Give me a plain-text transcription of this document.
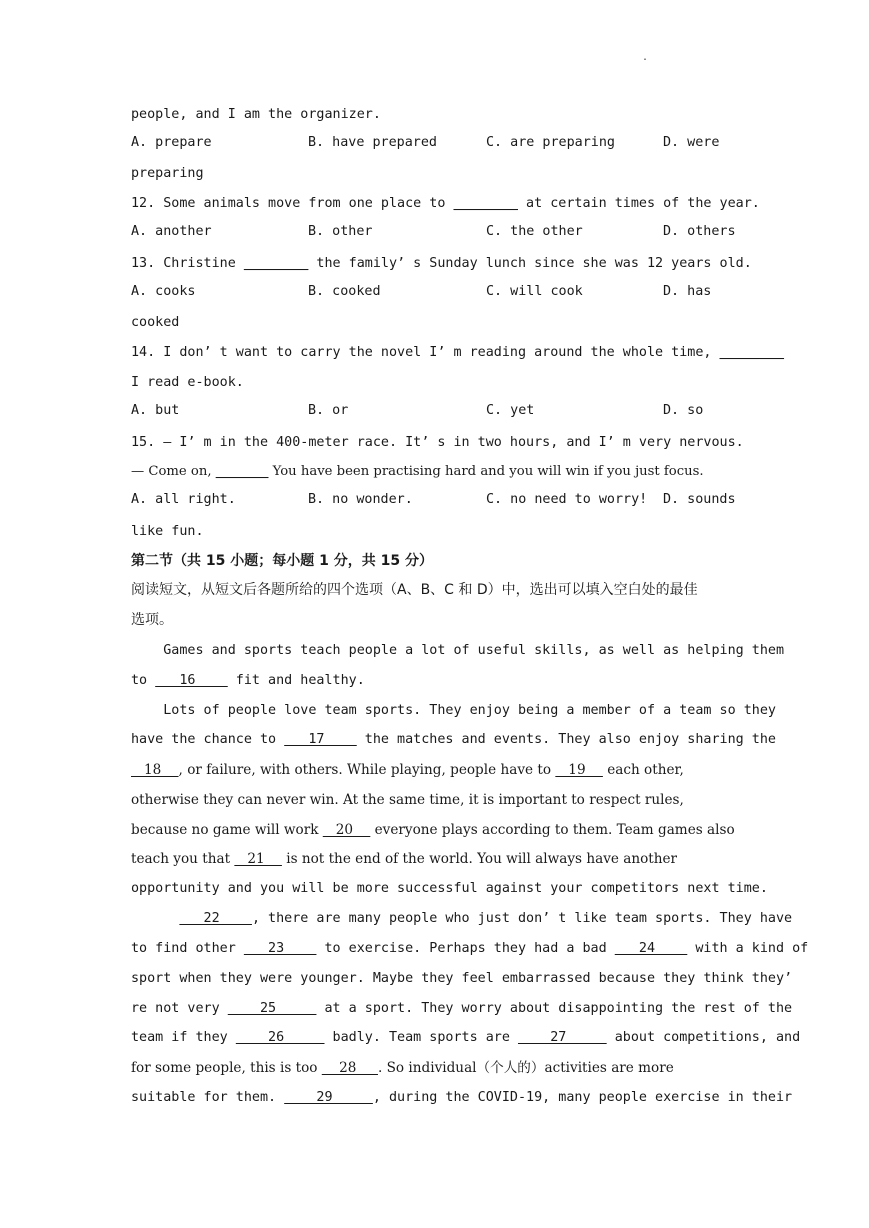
.
people, and I am the organizer.
A. prepare	B. have prepared	C. are preparing	D. were
preparing
12. Some animals move from one place to ________ at certain times of the year.
A. another	B. other	C. the other	D. others
13. Christine ________ the family’ s Sunday lunch since she was 12 years old.
A. cooks	B. cooked	C. will cook	D. has
cooked
14. I don’ t want to carry the novel I’ m reading around the whole time, ________
I read e-book.
A. but	B. or	C. yet	D. so
15. — I’ m in the 400-meter race. It’ s in two hours, and I’ m very nervous.
— Come on, ________ You have been practising hard and you will win if you just focus.
A. all right.	B. no wonder.	C. no need to worry! D. sounds
like fun.
第二节（共 15 小题；每小题 1 分，共 15 分）
阅读短文，从短文后各题所给的四个选项（A、B、C 和 D）中，选出可以填入空白处的最佳
选项。
Games and sports teach people a lot of useful skills, as well as helping them
to    16     fit and healthy.
Lots of people love team sports. They enjoy being a member of a team so they
have the chance to    17     the matches and events. They also enjoy sharing the
18    , or failure, with others. While playing, people have to    19     each other,
otherwise they can never win. At the same time, it is important to respect rules,
because no game will work    20     everyone plays according to them. Team games also
teach you that    21     is not the end of the world. You will always have another
opportunity and you will be more successful against your competitors next time.
22    , there are many people who just don’ t like team sports. They have
to find other    23     to exercise. Perhaps they had a bad    24     with a kind of
sport when they were younger. Maybe they feel embarrassed because they think they’
re not very     25      at a sport. They worry about disappointing the rest of the
team if they     26      badly. Team sports are     27      about competitions, and
for some people, this is too     28     . So individual（个人的）activities are more
suitable for them.     29     , during the COVID-19, many people exercise in their
